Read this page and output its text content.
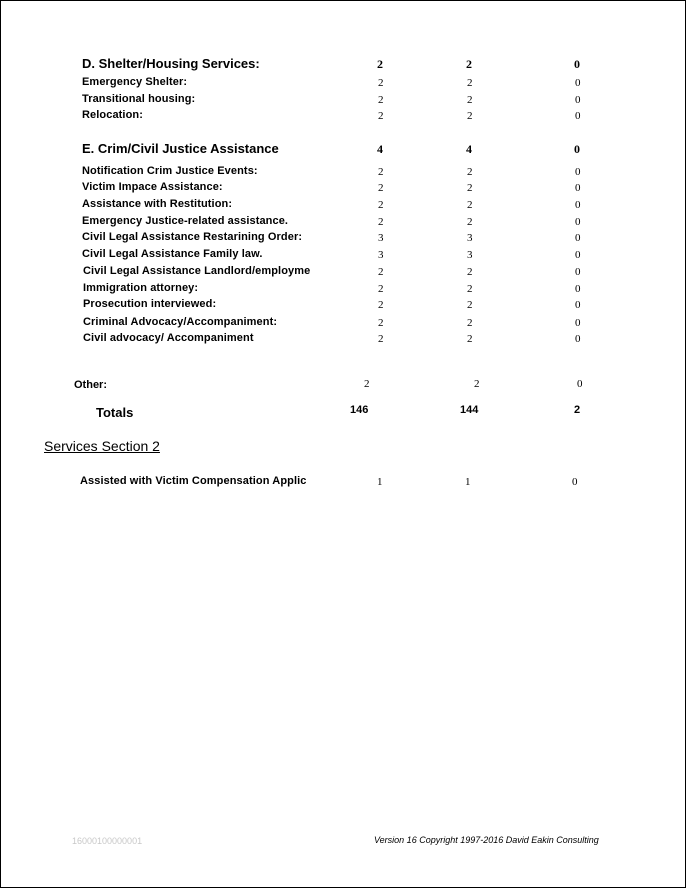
D. Shelter/Housing Services:	2	2	0
Emergency Shelter:	2	2	0
Transitional housing:	2	2	0
Relocation:	2	2	0
E. Crim/Civil Justice Assistance	4	4	0
Notification Crim Justice Events:	2	2	0
Victim Impace Assistance:	2	2	0
Assistance with Restitution:	2	2	0
Emergency Justice-related assistance.	2	2	0
Civil Legal Assistance Restarining Order:	3	3	0
Civil Legal Assistance Family law.	3	3	0
Civil Legal Assistance Landlord/employme	2	2	0
Immigration attorney:	2	2	0
Prosecution interviewed:	2	2	0
Criminal Advocacy/Accompaniment:	2	2	0
Civil advocacy/ Accompaniment	2	2	0
Other:	2	2	0
Totals	146	144	2
Services Section 2
Assisted with Victim Compensation Applic	1	1	0
16000100000001	Version 16 Copyright 1997-2016 David Eakin Consulting
